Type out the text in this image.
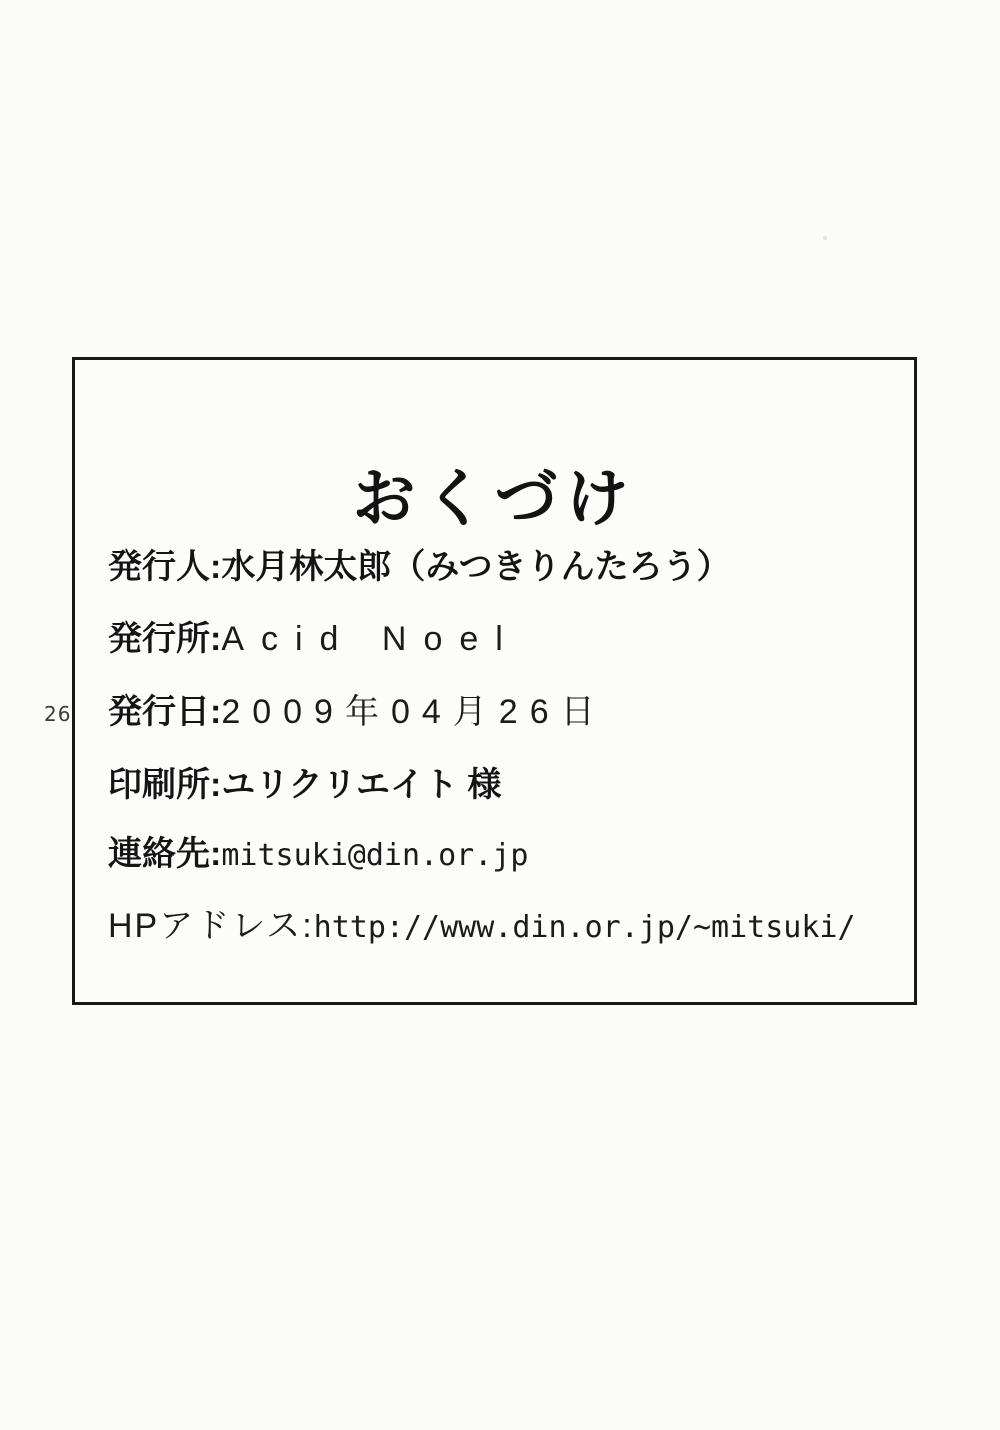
26
おくづけ
発行人:水月林太郎（みつきりんたろう）
発行所:Acid Noel
発行日:2009年04月26日
印刷所:ユリクリエイト 様
連絡先:mitsuki@din.or.jp
HPアドレス:http://www.din.or.jp/~mitsuki/
